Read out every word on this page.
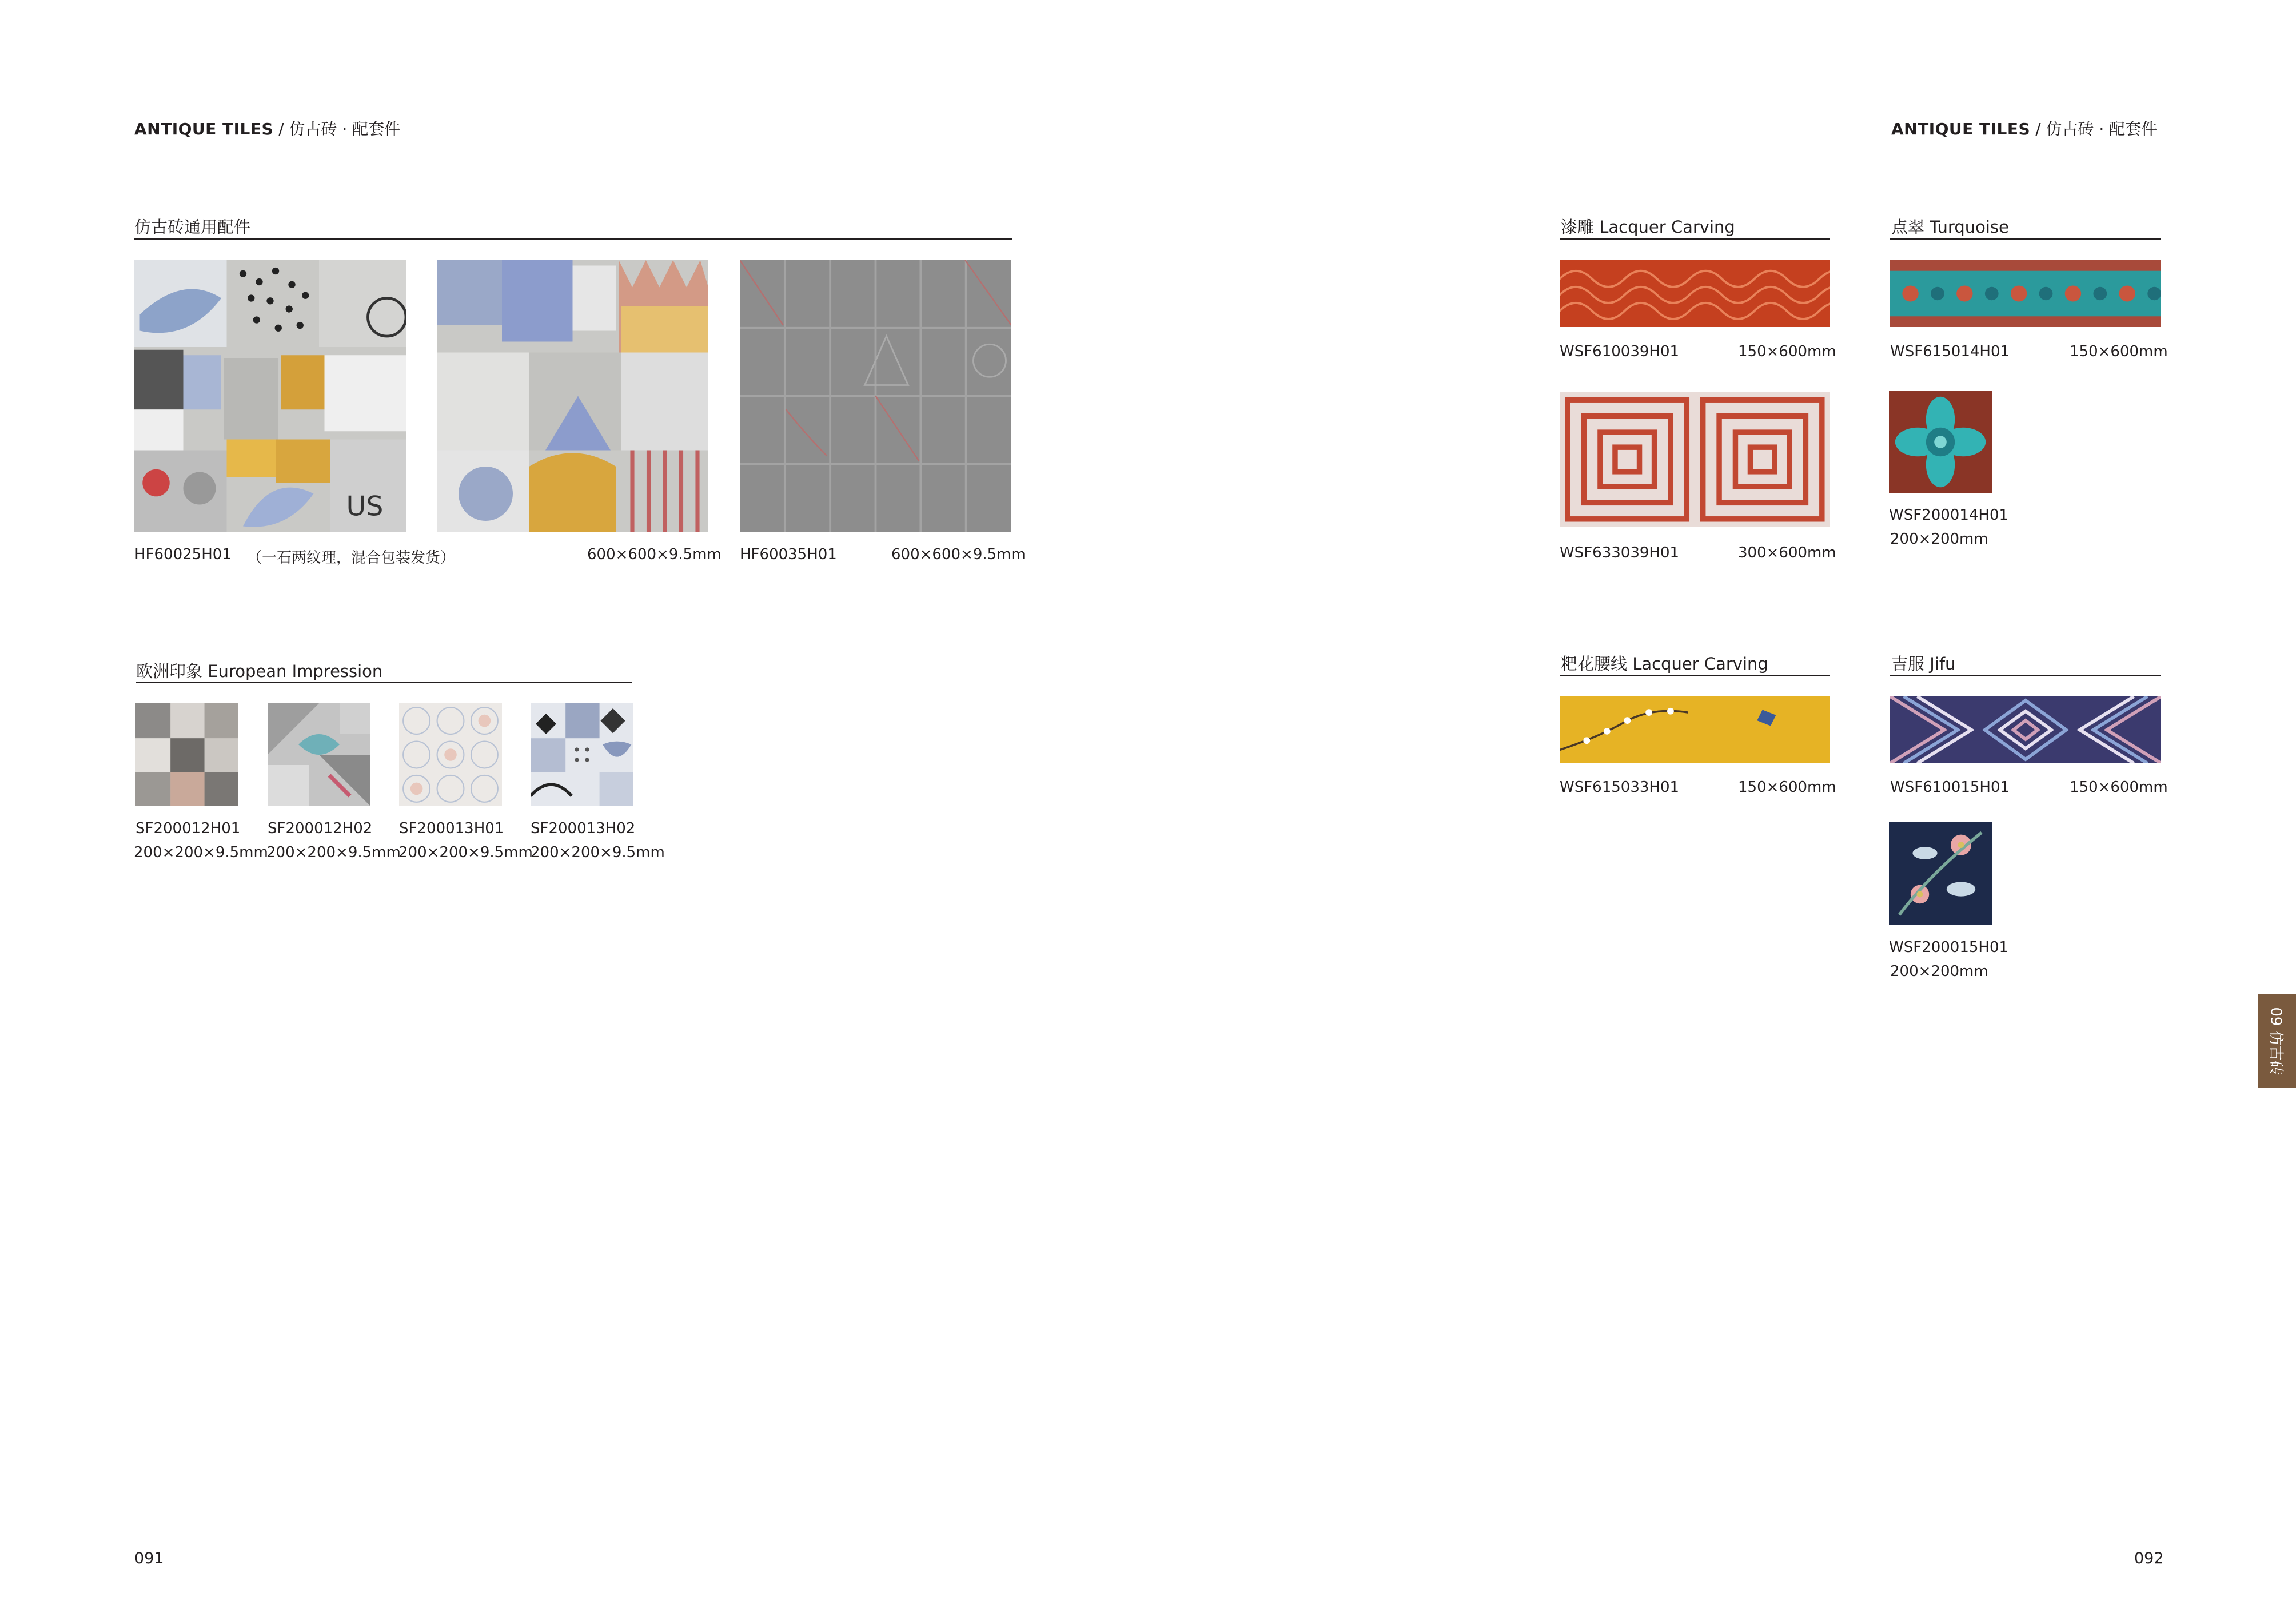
ANTIQUE TILES / 仿古砖 · 配套件	ANTIQUE TILES / 仿古砖 · 配套件
仿古砖通用配件
US
HF60025H01 （一石两纹理，混合包装发货）	600×600×9.5mm HF60035H01	600×600×9.5mm
欧洲印象 European Impression
SF200012H01
200×200×9.5mm
SF200012H02
200×200×9.5mm
SF200013H01
200×200×9.5mm
SF200013H02
200×200×9.5mm
漆雕 Lacquer Carving
WSF610039H01	150×600mm
WSF633039H01	300×600mm
点翠 Turquoise
WSF615014H01	150×600mm
WSF200014H01
200×200mm
粑花腰线 Lacquer Carving
WSF615033H01	150×600mm
吉服 Jifu
WSF610015H01	150×600mm
WSF200015H01
200×200mm
09 仿古砖
091	092
